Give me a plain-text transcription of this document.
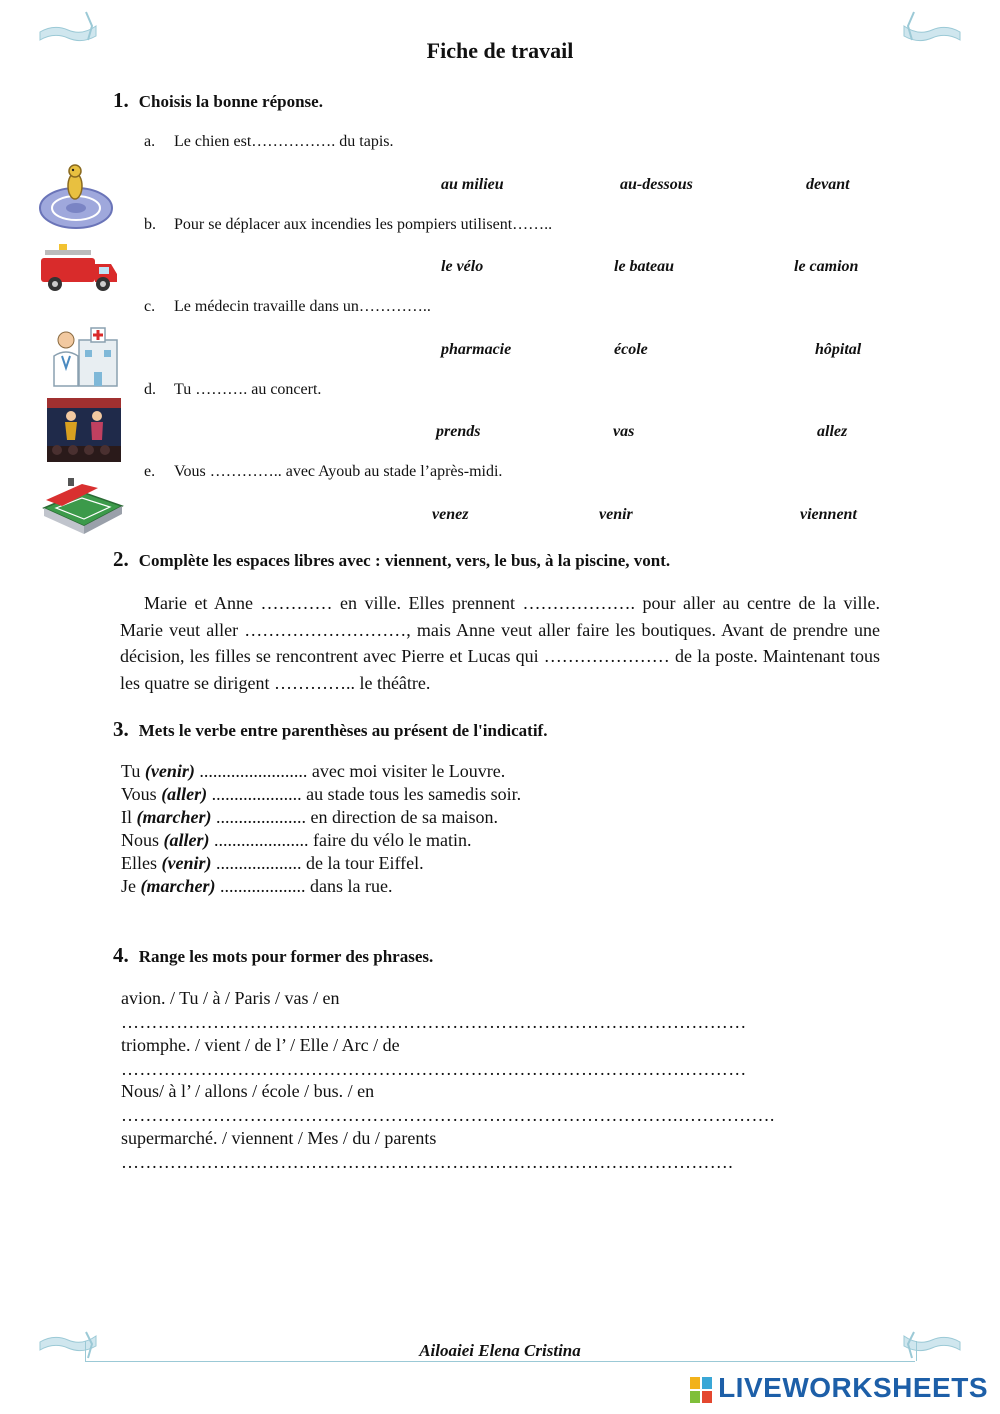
Fiche de travail
1. Choisis la bonne réponse.
a. Le chien est……………. du tapis.
au milieu	au-dessous	devant
b. Pour se déplacer aux incendies les pompiers utilisent……..
le vélo	le bateau	le camion
c. Le médecin travaille dans un…………..
pharmacie	école	hôpital
d. Tu ………. au concert.
prends	vas	allez
e. Vous ………….. avec Ayoub au stade l’après-midi.
venez	venir	viennent
2. Complète les espaces libres avec : viennent, vers, le bus, à la piscine, vont.
Marie et Anne ………… en ville. Elles prennent ………………. pour aller au centre de la ville. Marie veut aller ………………………, mais Anne veut aller faire les boutiques. Avant de prendre une décision, les filles se rencontrent avec Pierre et Lucas qui ………………… de la poste. Maintenant tous les quatre se dirigent ………….. le théâtre.
3. Mets le verbe entre parenthèses au présent de l'indicatif.
Tu (venir) ........................ avec moi visiter le Louvre.
Vous (aller) .................... au stade tous les samedis soir.
Il (marcher) .................... en direction de sa maison.
Nous (aller) ..................... faire du vélo le matin.
Elles (venir) ................... de la tour Eiffel.
Je (marcher) ................... dans la rue.
4. Range les mots pour former des phrases.
avion. / Tu / à / Paris / vas / en
…………………………………………………………………………………………
triomphe. / vient / de l’ / Elle / Arc / de
…………………………………………………………………………………………
Nous/ à l’ / allons / école / bus. / en
……………………………………………………………………………….…………….
supermarché. / viennent / Mes / du / parents
……………………………………………………………………………………….
Ailoaiei Elena Cristina
LIVEWORKSHEETS
